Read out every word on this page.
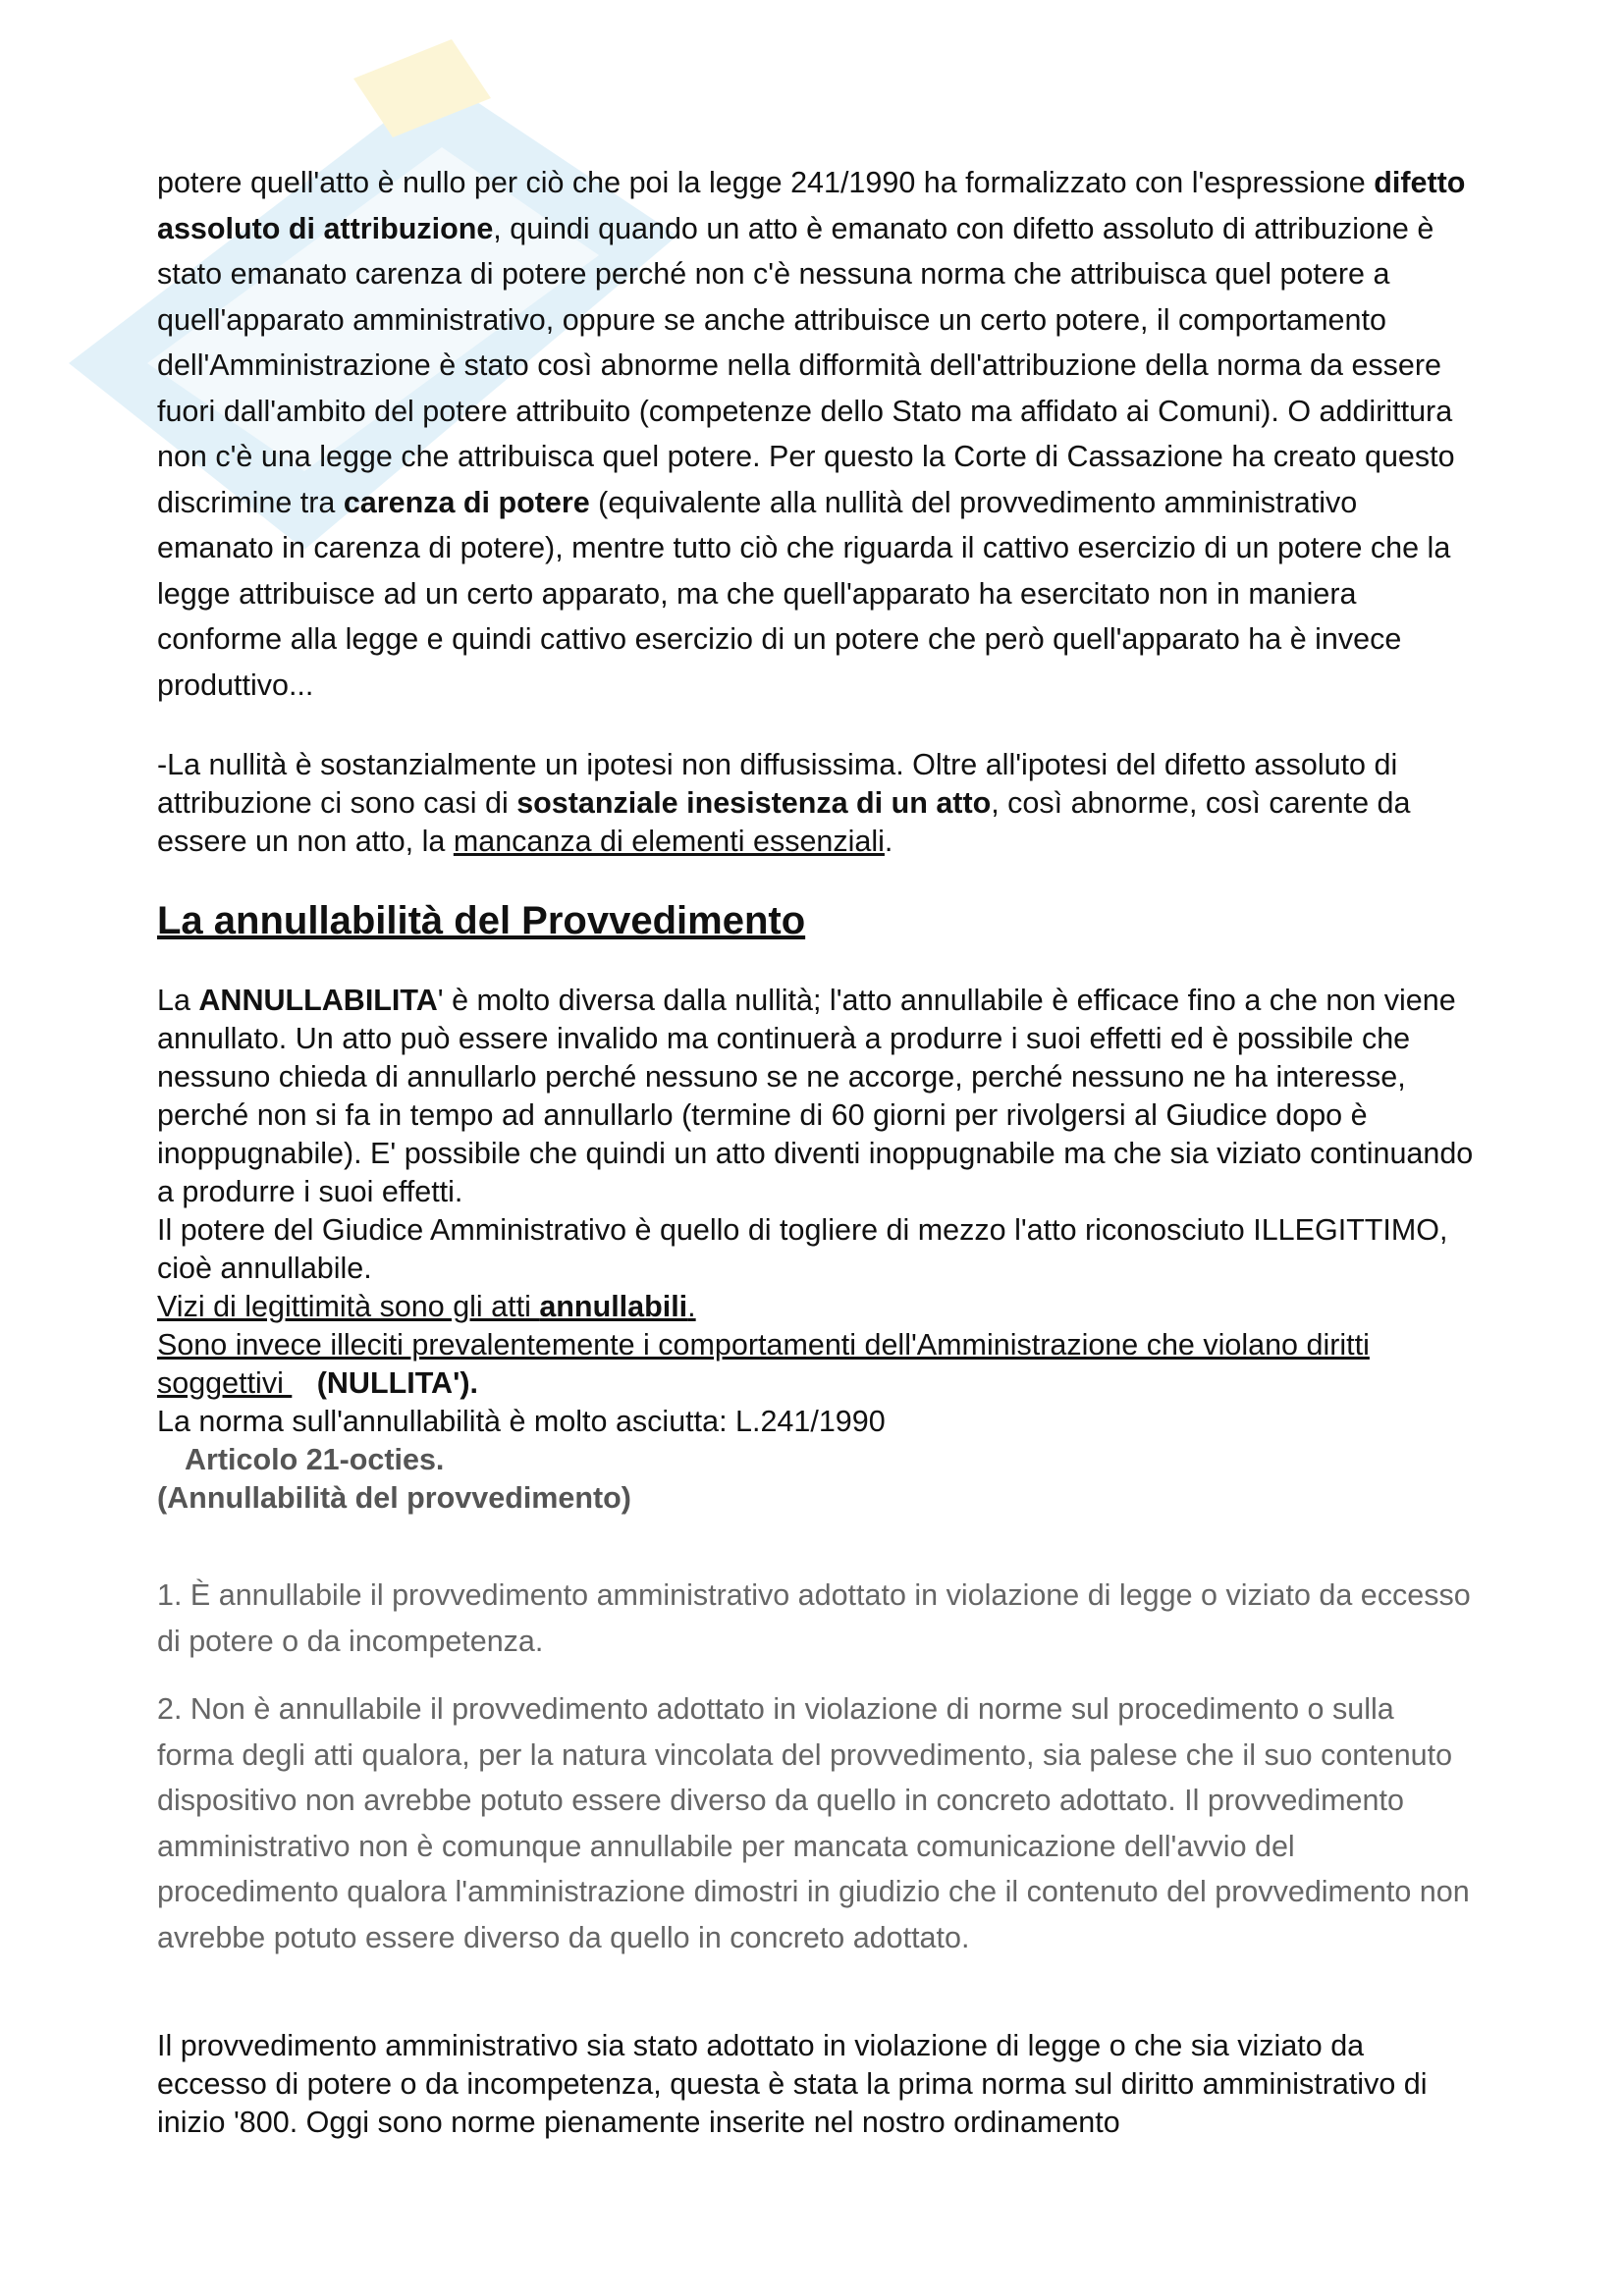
potere quell'atto è nullo per ciò che poi la legge 241/1990 ha formalizzato con l'espressione difetto assoluto di attribuzione, quindi quando un atto è emanato con difetto assoluto di attribuzione è stato emanato carenza di potere perché non c'è nessuna norma che attribuisca quel potere a quell'apparato amministrativo, oppure se anche attribuisce un certo potere, il comportamento dell'Amministrazione è stato così abnorme nella difformità dell'attribuzione della norma da essere fuori dall'ambito del potere attribuito (competenze dello Stato ma affidato ai Comuni). O addirittura non c'è una legge che attribuisca quel potere. Per questo la Corte di Cassazione ha creato questo discrimine tra carenza di potere (equivalente alla nullità del provvedimento amministrativo emanato in carenza di potere), mentre tutto ciò che riguarda il cattivo esercizio di un potere che la legge attribuisce ad un certo apparato, ma che quell'apparato ha esercitato non in maniera conforme alla legge e quindi cattivo esercizio di un potere che però quell'apparato ha è invece produttivo...

-La nullità è sostanzialmente un ipotesi non diffusissima. Oltre all'ipotesi del difetto assoluto di attribuzione ci sono casi di sostanziale inesistenza di un atto, così abnorme, così carente da essere un non atto, la mancanza di elementi essenziali.

La annullabilità del Provvedimento
La ANNULLABILITA' è molto diversa dalla nullità; l'atto annullabile è efficace fino a che non viene annullato. Un atto può essere invalido ma continuerà a produrre i suoi effetti ed è possibile che nessuno chieda di annullarlo perché nessuno se ne accorge, perché nessuno ne ha interesse, perché non si fa in tempo ad annullarlo (termine di 60 giorni per rivolgersi al Giudice dopo è inoppugnabile). E' possibile che quindi un atto diventi inoppugnabile ma che sia viziato continuando a produrre i suoi effetti.
Il potere del Giudice Amministrativo è quello di togliere di mezzo l'atto riconosciuto ILLEGITTIMO, cioè annullabile.
Vizi di legittimità sono gli atti annullabili.
Sono invece illeciti prevalentemente i comportamenti dell'Amministrazione che violano diritti soggettivi    (NULLITA').
La norma sull'annullabilità è molto asciutta: L.241/1990
Articolo 21-octies.
(Annullabilità del provvedimento)

1. È annullabile il provvedimento amministrativo adottato in violazione di legge o viziato da eccesso di potere o da incompetenza.

2. Non è annullabile il provvedimento adottato in violazione di norme sul procedimento o sulla forma degli atti qualora, per la natura vincolata del provvedimento, sia palese che il suo contenuto dispositivo non avrebbe potuto essere diverso da quello in concreto adottato. Il provvedimento amministrativo non è comunque annullabile per mancata comunicazione dell'avvio del procedimento qualora l'amministrazione dimostri in giudizio che il contenuto del provvedimento non avrebbe potuto essere diverso da quello in concreto adottato.

Il provvedimento amministrativo sia stato adottato in violazione di legge o che sia viziato da eccesso di potere o da incompetenza, questa è stata la prima norma sul diritto amministrativo di inizio '800. Oggi sono norme pienamente inserite nel nostro ordinamento
